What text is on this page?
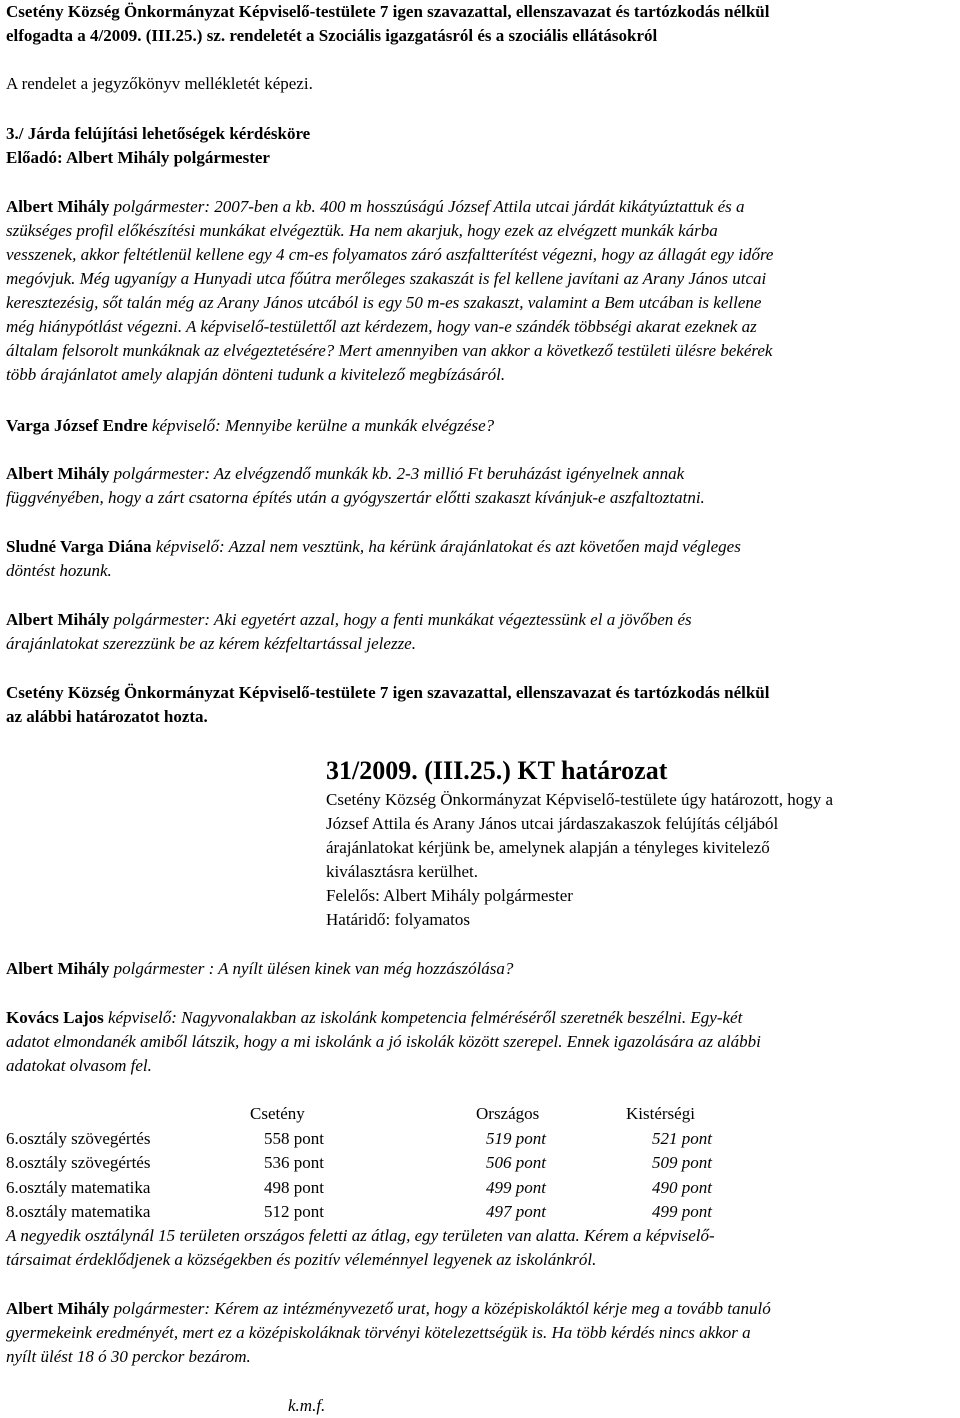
Csetény Község Önkormányzat Képviselő-testülete 7 igen szavazattal, ellenszavazat és tartózkodás nélkül
elfogadta a 4/2009. (III.25.) sz. rendeletét a Szociális igazgatásról és a szociális ellátásokról
A rendelet a jegyzőkönyv mellékletét képezi.
3./ Járda felújítási lehetőségek kérdésköre
Előadó: Albert Mihály polgármester
Albert Mihály polgármester: 2007-ben a kb. 400 m hosszúságú József Attila utcai járdát kikátyúztattuk és a
szükséges profil előkészítési munkákat elvégeztük. Ha nem akarjuk, hogy ezek az elvégzett munkák kárba
vesszenek, akkor feltétlenül kellene egy 4 cm-es folyamatos záró aszfaltterítést végezni, hogy az állagát egy időre
megóvjuk. Még ugyanígy a Hunyadi utca főútra merőleges szakaszát is fel kellene javítani az Arany János utcai
keresztezésig, sőt talán még az Arany János utcából is egy 50 m-es szakaszt, valamint a Bem utcában is kellene
még hiánypótlást végezni. A képviselő-testülettől azt kérdezem, hogy van-e szándék többségi akarat ezeknek az
általam felsorolt munkáknak az elvégeztetésére? Mert amennyiben van akkor a következő testületi ülésre bekérek
több árajánlatot amely alapján dönteni tudunk a kivitelező megbízásáról.
Varga József Endre képviselő: Mennyibe kerülne a munkák elvégzése?
Albert Mihály polgármester: Az elvégzendő munkák kb. 2-3 millió Ft beruházást igényelnek annak
függvényében, hogy a zárt csatorna építés után a gyógyszertár előtti szakaszt kívánjuk-e aszfaltoztatni.
Sludné Varga Diána képviselő: Azzal nem vesztünk, ha kérünk árajánlatokat és azt követően majd végleges
döntést hozunk.
Albert Mihály polgármester: Aki egyetért azzal, hogy a fenti munkákat végeztessünk el a jövőben és
árajánlatokat szerezzünk be az kérem kézfeltartással jelezze.
Csetény Község Önkormányzat Képviselő-testülete 7 igen szavazattal, ellenszavazat és tartózkodás nélkül
az alábbi határozatot hozta.
31/2009. (III.25.) KT határozat
Csetény Község Önkormányzat Képviselő-testülete úgy határozott, hogy a
József Attila és Arany János utcai járdaszakaszok felújítás céljából
árajánlatokat kérjünk be, amelynek alapján a tényleges kivitelező
kiválasztásra kerülhet.
Felelős: Albert Mihály polgármester
Határidő: folyamatos
Albert Mihály polgármester : A nyílt ülésen kinek van még hozzászólása?
Kovács Lajos képviselő: Nagyvonalakban az iskolánk kompetencia felméréséről szeretnék beszélni. Egy-két
adatot elmondanék amiből látszik, hogy a mi iskolánk a jó iskolák között szerepel. Ennek igazolására az alábbi
adatokat olvasom fel.
	Csetény	Országos	Kistérségi
6.osztály szövegértés	558 pont	519 pont	521 pont
8.osztály szövegértés	536 pont	506 pont	509 pont
6.osztály matematika	498 pont	499 pont	490 pont
8.osztály matematika	512 pont	497 pont	499 pont
A negyedik osztálynál 15 területen országos feletti az átlag, egy területen van alatta. Kérem a képviselő-
társaimat érdeklődjenek a községekben és pozitív véleménnyel legyenek az iskolánkról.
Albert Mihály polgármester: Kérem az intézményvezető urat, hogy a középiskoláktól kérje meg a tovább tanuló
gyermekeink eredményét, mert ez a középiskoláknak törvényi kötelezettségük is. Ha több kérdés nincs akkor a
nyílt ülést 18 ó 30 perckor bezárom.
k.m.f.
